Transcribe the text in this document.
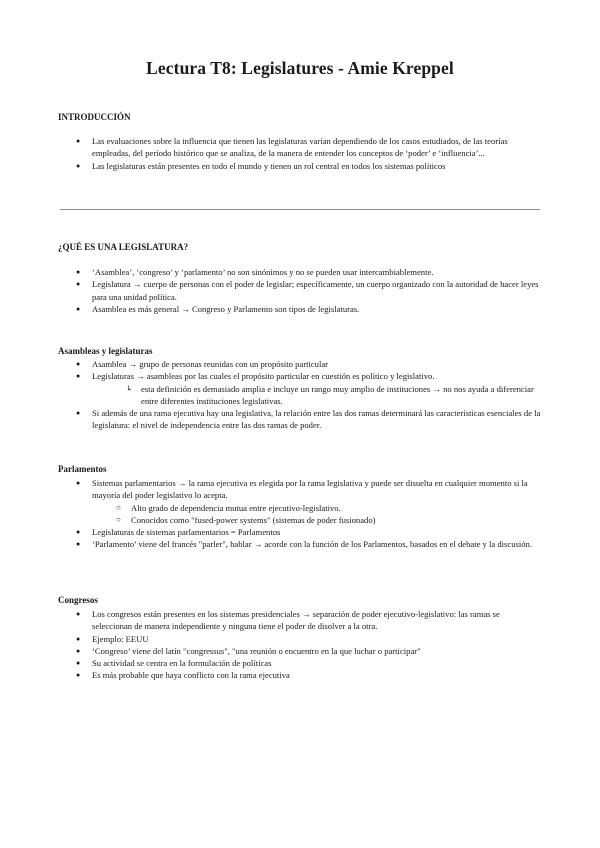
Lectura T8: Legislatures - Amie Kreppel
INTRODUCCIÓN
● Las evaluaciones sobre la influencia que tienen las legislaturas varían dependiendo de los casos estudiados, de las teorías empleadas, del período histórico que se analiza, de la manera de entender los conceptos de ‘poder’ e ‘influencia’...
● Las legislaturas están presentes en todo el mundo y tienen un rol central en todos los sistemas políticos
¿QUÉ ES UNA LEGISLATURA?
● ‘Asamblea’, ‘congreso’ y ‘parlamento’ no son sinónimos y no se pueden usar intercambiablemente.
● Legislatura → cuerpo de personas con el poder de legislar; específicamente, un cuerpo organizado con la autoridad de hacer leyes para una unidad política.
● Asamblea es más general → Congreso y Parlamento son tipos de legislaturas.
Asambleas y legislaturas
● Asamblea → grupo de personas reunidas con un propósito particular
● Legislaturas → asambleas por las cuales el propósito particular en cuestión es político y legislativo.
↳ esta definición es demasiado amplia e incluye un rango muy amplio de instituciones → no nos ayuda a diferenciar entre diferentes instituciones legislativas.
● Si además de una rama ejecutiva hay una legislativa, la relación entre las dos ramas determinará las características esenciales de la legislatura: el nivel de independencia entre las dos ramas de poder.
Parlamentos
● Sistemas parlamentarios → la rama ejecutiva es elegida por la rama legislativa y puede ser disuelta en cualquier momento si la mayoría del poder legislativo lo acepta.
○ Alto grado de dependencia mutua entre ejecutivo-legislativo.
○ Conocidos como "fused-power systems" (sistemas de poder fusionado)
● Legislaturas de sistemas parlamentarios = Parlamentos
● ‘Parlamento’ viene del francés "parler", hablar → acorde con la función de los Parlamentos, basados en el debate y la discusión.
Congresos
● Los congresos están presentes en los sistemas presidenciales → separación de poder ejecutivo-legislativo: las ramas se seleccionan de manera independiente y ninguna tiene el poder de disolver a la otra.
● Ejemplo: EEUU
● ‘Congreso’ viene del latín "congressus", "una reunión o encuentro en la que luchar o participar"
● Su actividad se centra en la formulación de políticas
● Es más probable que haya conflicto con la rama ejecutiva
